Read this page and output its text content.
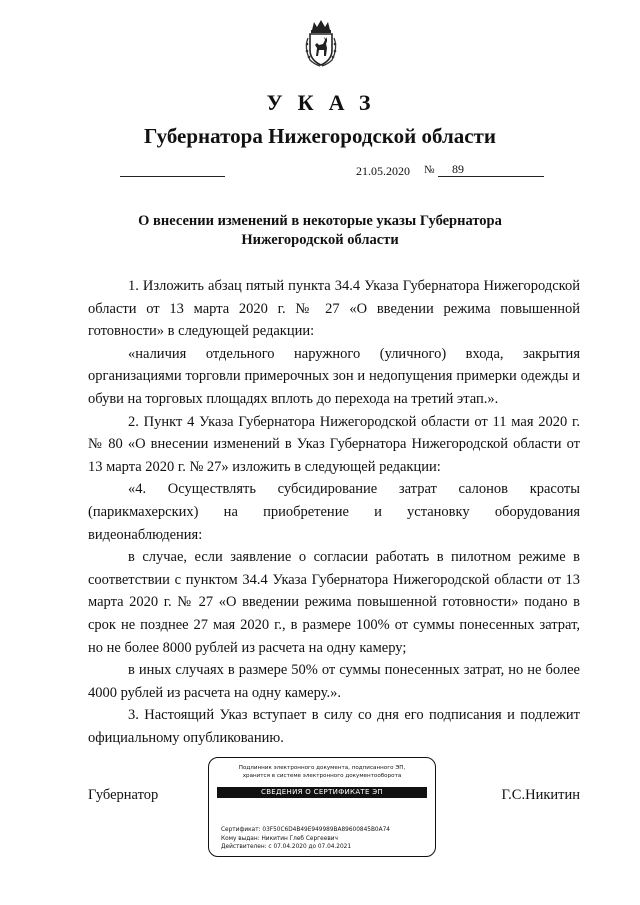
УКАЗ
Губернатора Нижегородской области
21.05.2020 № 89
О внесении изменений в некоторые указы Губернатора
Нижегородской области

1. Изложить абзац пятый пункта 34.4 Указа Губернатора Нижегородской области от 13 марта 2020 г. № 27 «О введении режима повышенной готовности» в следующей редакции:

«наличия отдельного наружного (уличного) входа, закрытия организациями торговли примерочных зон и недопущения примерки одежды и обуви на торговых площадях вплоть до перехода на третий этап.».

2. Пункт 4 Указа Губернатора Нижегородской области от 11 мая 2020 г. № 80 «О внесении изменений в Указ Губернатора Нижегородской области от 13 марта 2020 г. № 27» изложить в следующей редакции:

«4. Осуществлять субсидирование затрат салонов красоты (парикмахерских) на приобретение и установку оборудования видеонаблюдения:

в случае, если заявление о согласии работать в пилотном режиме в соответствии с пунктом 34.4 Указа Губернатора Нижегородской области от 13 марта 2020 г. № 27 «О введении режима повышенной готовности» подано в срок не позднее 27 мая 2020 г., в размере 100% от суммы понесенных затрат, но не более 8000 рублей из расчета на одну камеру;

в иных случаях в размере 50% от суммы понесенных затрат, но не более 4000 рублей из расчета на одну камеру.».

3. Настоящий Указ вступает в силу со дня его подписания и подлежит официальному опубликованию.

Губернатор	Г.С.Никитин
Подлинник электронного документа, подписанного ЭП,
хранится в системе электронного документооборота
СВЕДЕНИЯ О СЕРТИФИКАТЕ ЭП
Сертификат: 03F50C6D4B49E949989BA89600845B0A74
Кому выдан: Никитин Глеб Сергеевич
Действителен: с 07.04.2020 до 07.04.2021
